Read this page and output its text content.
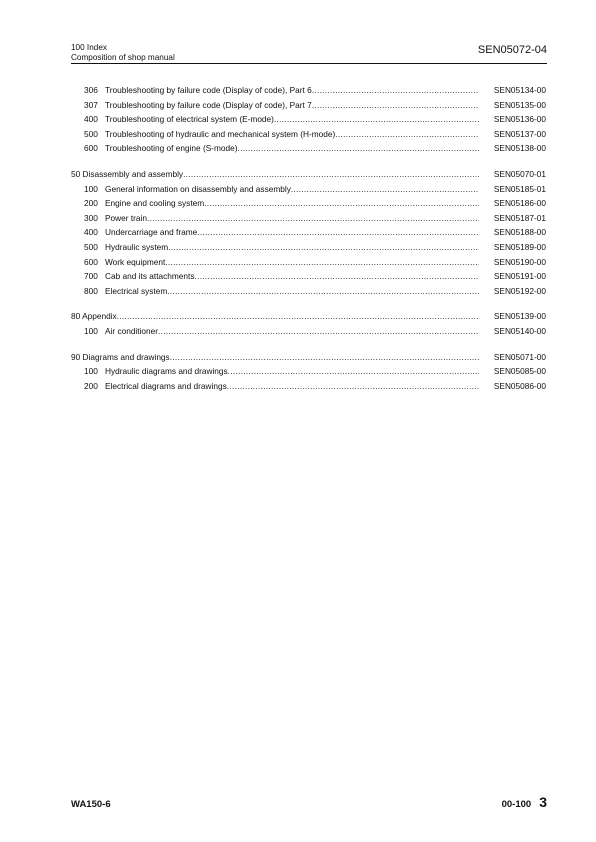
100 Index
Composition of shop manual
SEN05072-04
306 Troubleshooting by failure code (Display of code), Part 6 .....	SEN05134-00
307 Troubleshooting by failure code (Display of code), Part 7 .....	SEN05135-00
400 Troubleshooting of electrical system (E-mode) .....	SEN05136-00
500 Troubleshooting of hydraulic and mechanical system (H-mode) .....	SEN05137-00
600 Troubleshooting of engine (S-mode) .....	SEN05138-00
50 Disassembly and assembly .....	SEN05070-01
100 General information on disassembly and assembly .....	SEN05185-01
200 Engine and cooling system .....	SEN05186-00
300 Power train .....	SEN05187-01
400 Undercarriage and frame .....	SEN05188-00
500 Hydraulic system .....	SEN05189-00
600 Work equipment .....	SEN05190-00
700 Cab and its attachments .....	SEN05191-00
800 Electrical system .....	SEN05192-00
80 Appendix .....	SEN05139-00
100 Air conditioner .....	SEN05140-00
90 Diagrams and drawings .....	SEN05071-00
100 Hydraulic diagrams and drawings .....	SEN05085-00
200 Electrical diagrams and drawings .....	SEN05086-00
WA150-6	00-100 3
